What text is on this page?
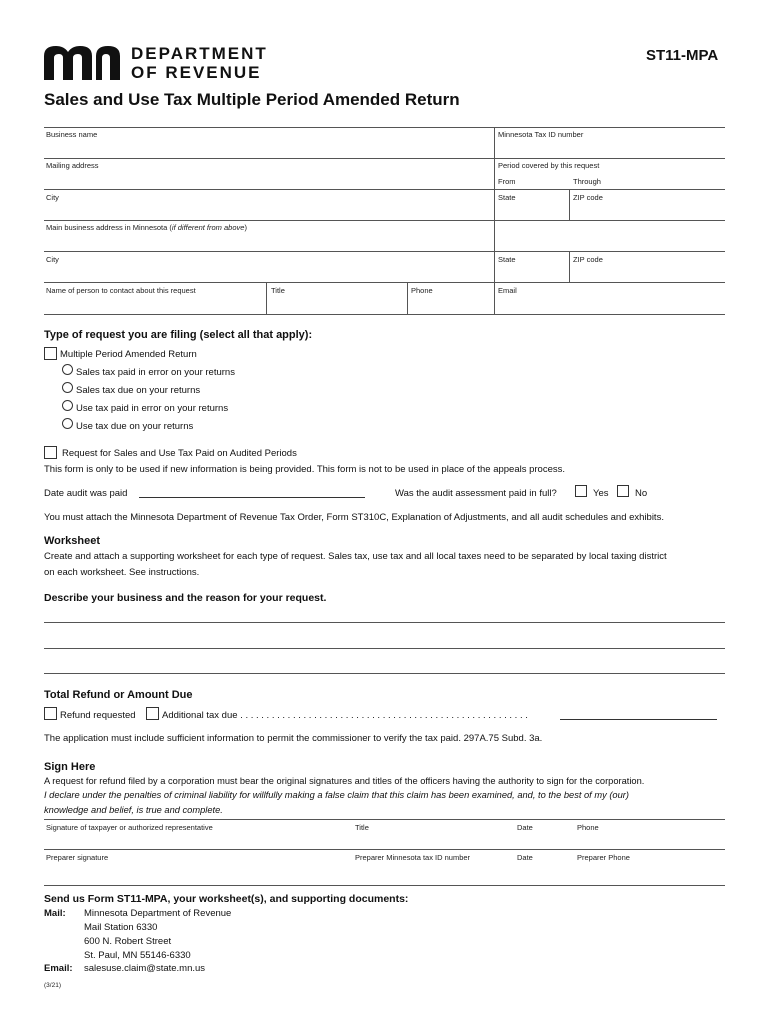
DEPARTMENT
OF REVENUE
ST11-MPA
Sales and Use Tax Multiple Period Amended Return
Business name	Minnesota Tax ID number
Mailing address	Period covered by this request
From	Through
City	State	ZIP code
Main business address in Minnesota (if different from above)
City	State	ZIP code
Name of person to contact about this request	Title	Phone	Email
Type of request you are filing (select all that apply):
Multiple Period Amended Return
Sales tax paid in error on your returns
Sales tax due on your returns
Use tax paid in error on your returns
Use tax due on your returns
Request for Sales and Use Tax Paid on Audited Periods
This form is only to be used if new information is being provided. This form is not to be used in place of the appeals process.
Date audit was paid	Was the audit assessment paid in full?	Yes	No
You must attach the Minnesota Department of Revenue Tax Order, Form ST310C, Explanation of Adjustments, and all audit schedules and exhibits.
Worksheet
Create and attach a supporting worksheet for each type of request. Sales tax, use tax and all local taxes need to be separated by local taxing district
on each worksheet. See instructions.
Describe your business and the reason for your request.
Total Refund or Amount Due
Refund requested	Additional tax due . . . . . . . . . . . . . . . . . . . . . . . . . . . . . . . . . . . . . . . . . . . . . . . . . . . . . . .
The application must include sufficient information to permit the commissioner to verify the tax paid. 297A.75 Subd. 3a.
Sign Here
A request for refund filed by a corporation must bear the original signatures and titles of the officers having the authority to sign for the corporation.
I declare under the penalties of criminal liability for willfully making a false claim that this claim has been examined, and, to the best of my (our)
knowledge and belief, is true and complete.
Signature of taxpayer or authorized representative	Title	Date	Phone
Preparer signature	Preparer Minnesota tax ID number	Date	Preparer Phone
Send us Form ST11-MPA, your worksheet(s), and supporting documents:
Mail: Minnesota Department of Revenue
Mail Station 6330
600 N. Robert Street
St. Paul, MN 55146-6330
Email: salesuse.claim@state.mn.us
(3/21)
